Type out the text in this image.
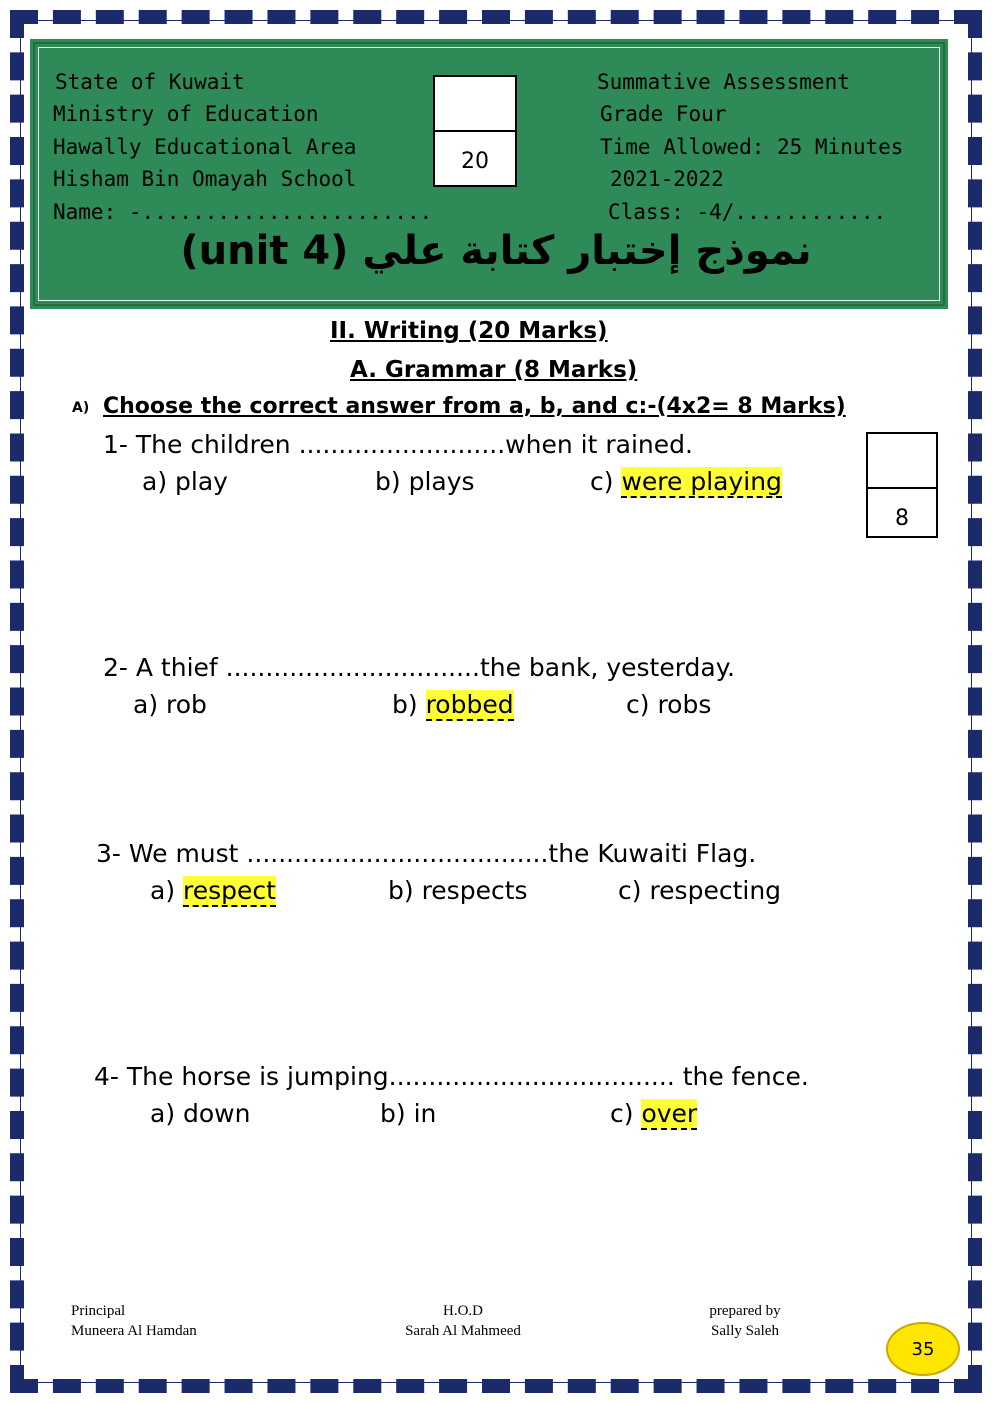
State of Kuwait
Ministry of Education
Hawally Educational Area
Hisham Bin Omayah School
Name: -.......................
Summative Assessment
Grade Four
Time Allowed: 25 Minutes
2021-2022
Class: -4/............
20
نموذج إختبار كتابة علي (unit 4)
II. Writing (20 Marks)
A. Grammar (8 Marks)
A) Choose the correct answer from a, b, and c:-(4x2= 8 Marks)
8
1- The children ..........................when it rained.
a) play	b) plays	c) were playing
2- A thief ................................the bank, yesterday.
a) rob	b) robbed	c) robs
3- We must ......................................the Kuwaiti Flag.
a) respect	b) respects	c) respecting
4- The horse is jumping.................................... the fence.
a) down	b) in	c) over
Principal
Muneera Al Hamdan
H.O.D
Sarah Al Mahmeed
prepared by
Sally Saleh
35
